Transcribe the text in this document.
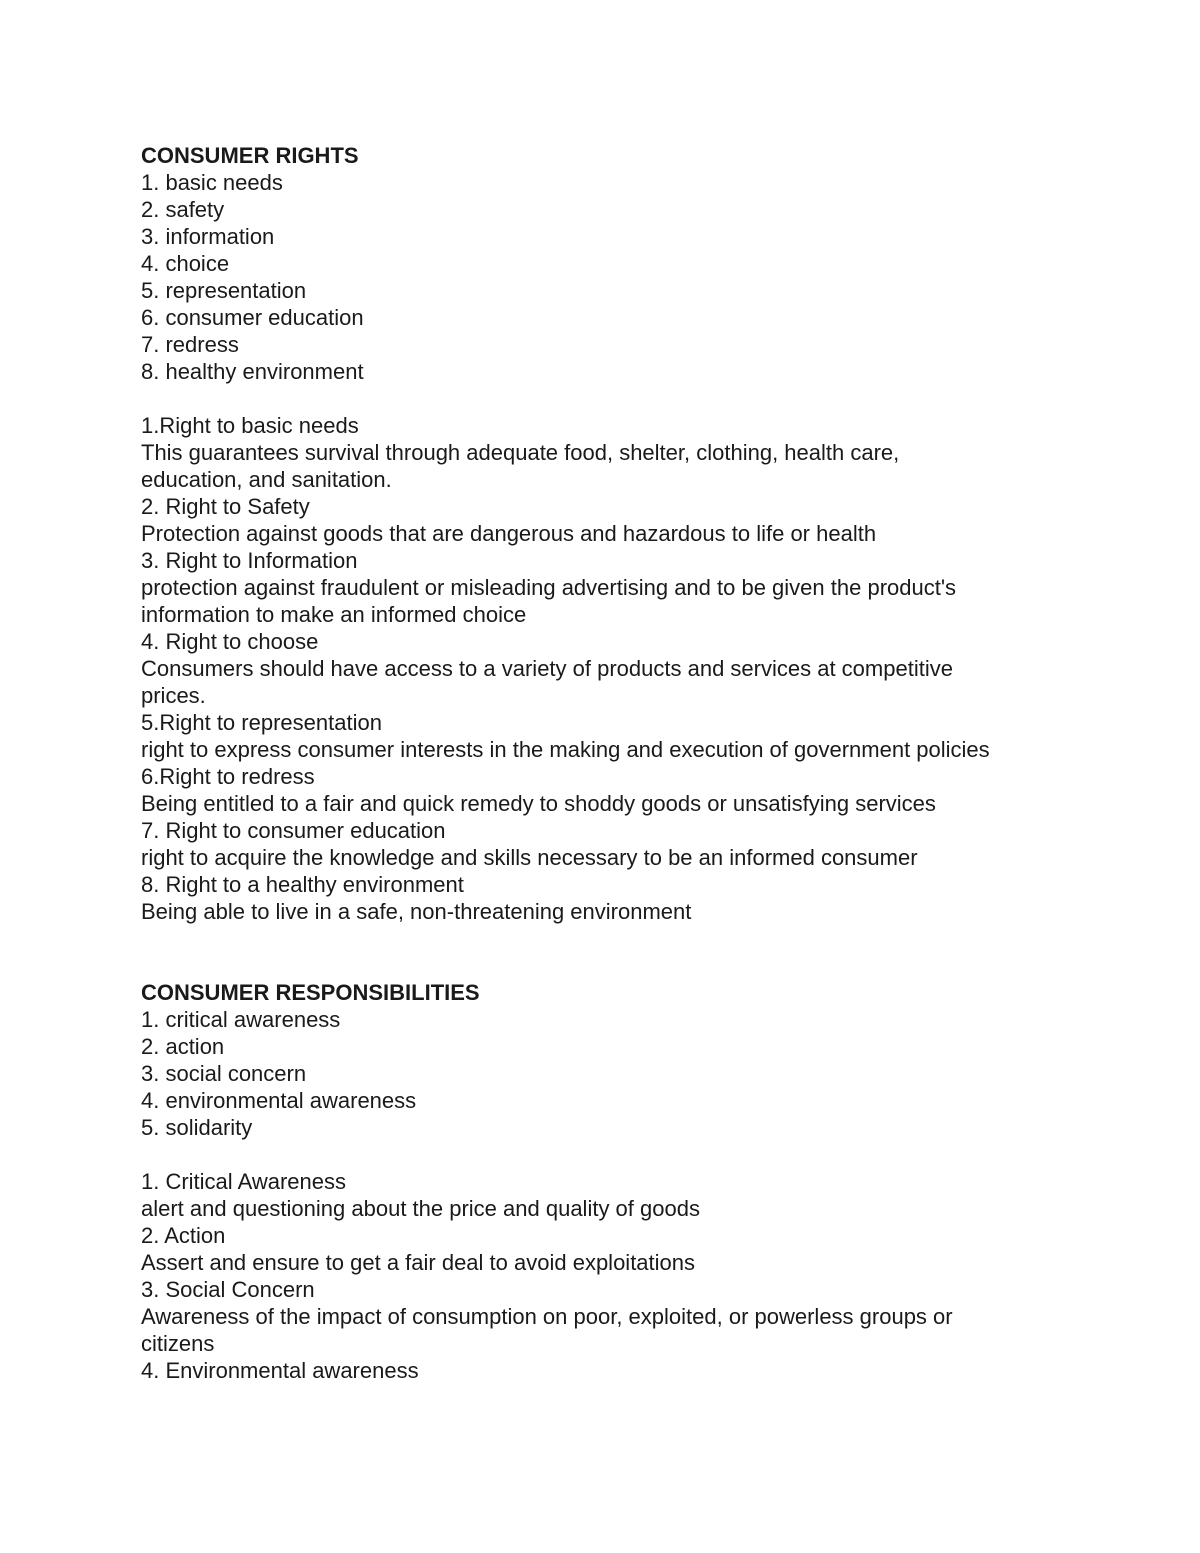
CONSUMER RIGHTS
1. basic needs
2. safety
3. information
4. choice
5. representation
6. consumer education
7. redress
8. healthy environment
1.Right to basic needs
This guarantees survival through adequate food, shelter, clothing, health care,
education, and sanitation.
2. Right to Safety
Protection against goods that are dangerous and hazardous to life or health
3. Right to Information
protection against fraudulent or misleading advertising and to be given the product's
information to make an informed choice
4. Right to choose
Consumers should have access to a variety of products and services at competitive
prices.
5.Right to representation
right to express consumer interests in the making and execution of government policies
6.Right to redress
Being entitled to a fair and quick remedy to shoddy goods or unsatisfying services
7. Right to consumer education
right to acquire the knowledge and skills necessary to be an informed consumer
8. Right to a healthy environment
Being able to live in a safe, non-threatening environment
CONSUMER RESPONSIBILITIES
1. critical awareness
2. action
3. social concern
4. environmental awareness
5. solidarity
1. Critical Awareness
alert and questioning about the price and quality of goods
2. Action
Assert and ensure to get a fair deal to avoid exploitations
3. Social Concern
Awareness of the impact of consumption on poor, exploited, or powerless groups or
citizens
4. Environmental awareness
